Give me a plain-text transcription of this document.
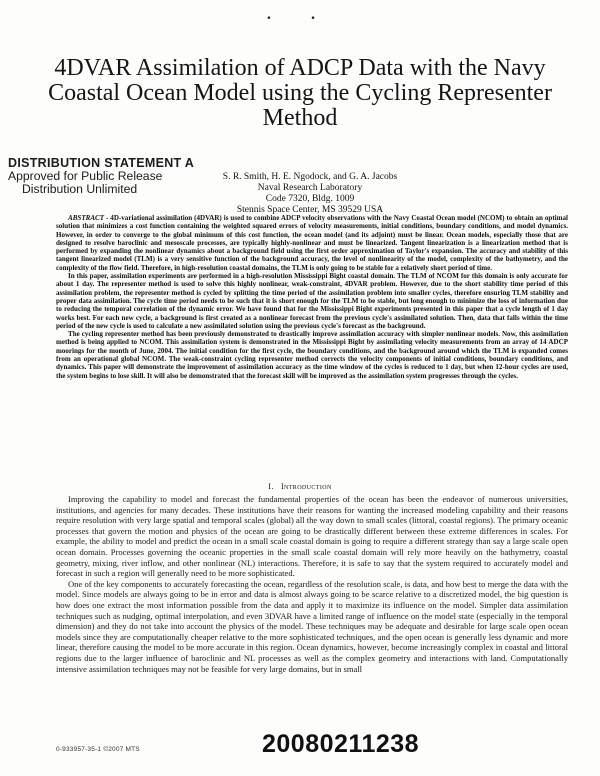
• •
4DVAR Assimilation of ADCP Data with the Navy
Coastal Ocean Model using the Cycling Representer
Method
DISTRIBUTION STATEMENT A
Approved for Public Release
Distribution Unlimited
S. R. Smith, H. E. Ngodock, and G. A. Jacobs
Naval Research Laboratory
Code 7320, Bldg. 1009
Stennis Space Center, MS 39529 USA

ABSTRACT - 4D-variational assimilation (4DVAR) is used to combine ADCP velocity observations with the Navy Coastal Ocean model (NCOM) to obtain an optimal solution that minimizes a cost function containing the weighted squared errors of velocity measurements, initial conditions, boundary conditions, and model dynamics. However, in order to converge to the global minimum of this cost function, the ocean model (and its adjoint) must be linear. Ocean models, especially those that are designed to resolve baroclinic and mesoscale processes, are typically highly-nonlinear and must be linearized. Tangent linearization is a linearization method that is performed by expanding the nonlinear dynamics about a background field using the first order approximation of Taylor's expansion. The accuracy and stability of this tangent linearized model (TLM) is a very sensitive function of the background accuracy, the level of nonlinearity of the model, complexity of the bathymetry, and the complexity of the flow field. Therefore, in high-resolution coastal domains, the TLM is only going to be stable for a relatively short period of time.

In this paper, assimilation experiments are performed in a high-resolution Mississippi Bight coastal domain. The TLM of NCOM for this domain is only accurate for about 1 day. The representer method is used to solve this highly nonlinear, weak-constraint, 4DVAR problem. However, due to the short stability time period of this assimilation problem, the representer method is cycled by splitting the time period of the assimilation problem into smaller cycles, therefore ensuring TLM stability and proper data assimilation. The cycle time period needs to be such that it is short enough for the TLM to be stable, but long enough to minimize the loss of information due to reducing the temporal correlation of the dynamic error. We have found that for the Mississippi Bight experiments presented in this paper that a cycle length of 1 day works best. For each new cycle, a background is first created as a nonlinear forecast from the previous cycle's assimilated solution. Then, data that falls within the time period of the new cycle is used to calculate a new assimilated solution using the previous cycle's forecast as the background.

The cycling representer method has been previously demonstrated to drastically improve assimilation accuracy with simpler nonlinear models. Now, this assimilation method is being applied to NCOM. This assimilation system is demonstrated in the Mississippi Bight by assimilating velocity measurements from an array of 14 ADCP moorings for the month of June, 2004. The initial condition for the first cycle, the boundary conditions, and the background around which the TLM is expanded comes from an operational global NCOM. The weak-constraint cycling representer method corrects the velocity components of initial conditions, boundary conditions, and dynamics. This paper will demonstrate the improvement of assimilation accuracy as the time window of the cycles is reduced to 1 day, but when 12-hour cycles are used, the system begins to lose skill. It will also be demonstrated that the forecast skill will be improved as the assimilation system progresses through the cycles.

I. Introduction

Improving the capability to model and forecast the fundamental properties of the ocean has been the endeavor of numerous universities, institutions, and agencies for many decades. These institutions have their reasons for wanting the increased modeling capability and their reasons require resolution with very large spatial and temporal scales (global) all the way down to small scales (littoral, coastal regions). The primary oceanic processes that govern the motion and physics of the ocean are going to be drastically different between these extreme differences in scales. For example, the ability to model and predict the ocean in a small scale coastal domain is going to require a different strategy than say a large scale open ocean domain. Processes governing the oceanic properties in the small scale coastal domain will rely more heavily on the bathymetry, coastal geometry, mixing, river inflow, and other nonlinear (NL) interactions. Therefore, it is safe to say that the system required to accurately model and forecast in such a region will generally need to be more sophisticated.

One of the key components to accurately forecasting the ocean, regardless of the resolution scale, is data, and how best to merge the data with the model. Since models are always going to be in error and data is almost always going to be scarce relative to a discretized model, the big question is how does one extract the most information possible from the data and apply it to maximize its influence on the model. Simpler data assimilation techniques such as nudging, optimal interpolation, and even 3DVAR have a limited range of influence on the model state (especially in the temporal dimension) and they do not take into account the physics of the model. These techniques may be adequate and desirable for large scale open ocean models since they are computationally cheaper relative to the more sophisticated techniques, and the open ocean is generally less dynamic and more linear, therefore causing the model to be more accurate in this region. Ocean dynamics, however, become increasingly complex in coastal and littoral regions due to the larger influence of baroclinic and NL processes as well as the complex geometry and interactions with land. Computationally intensive assimilation techniques may not be feasible for very large domains, but in small

0-933957-35-1 ©2007 MTS	20080211238
